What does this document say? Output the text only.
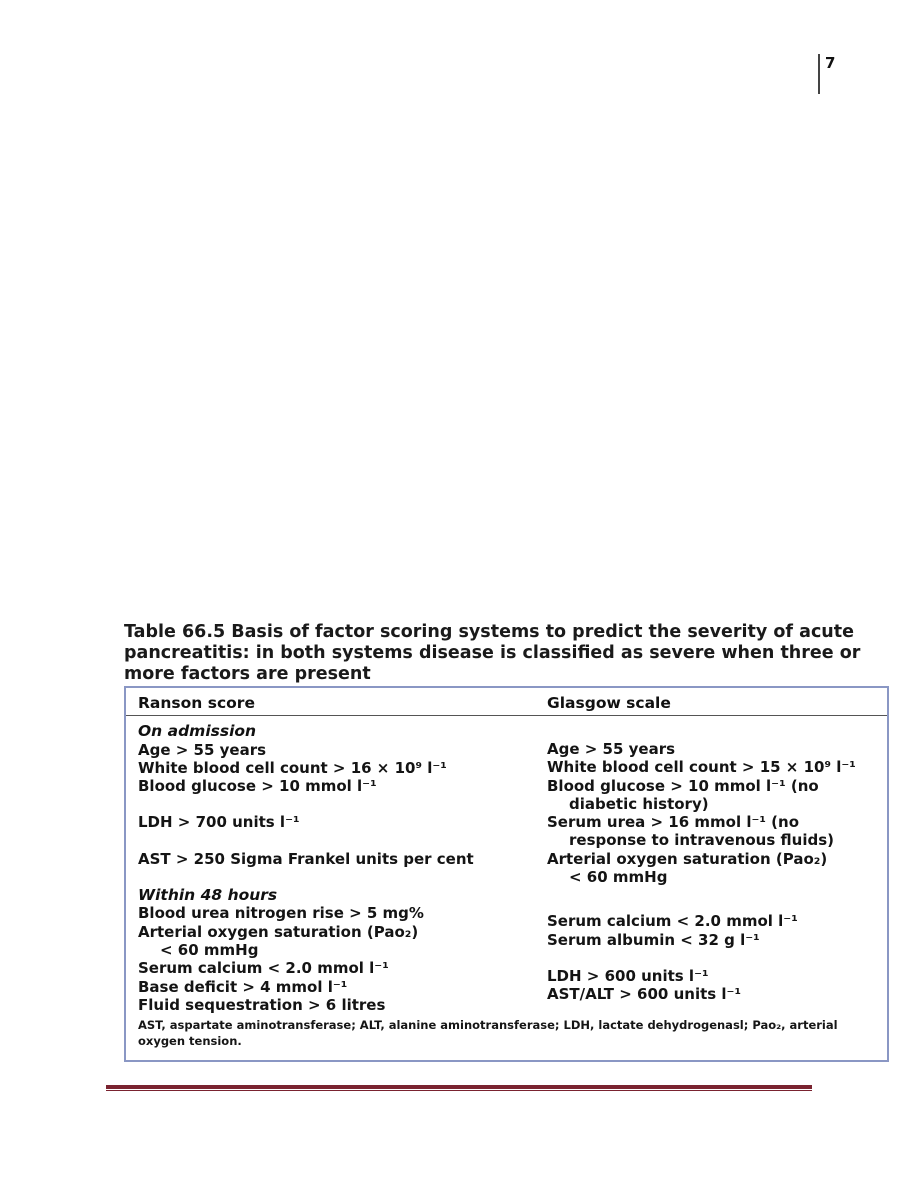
7
Table 66.5 Basis of factor scoring systems to predict the severity of acute pancreatitis: in both systems disease is classified as severe when three or more factors are present
Ranson score	Glasgow scale
On admission
Age > 55 years
White blood cell count > 16 × 10⁹ l⁻¹
Blood glucose > 10 mmol l⁻¹
LDH > 700 units l⁻¹
AST > 250 Sigma Frankel units per cent
Within 48 hours
Blood urea nitrogen rise > 5 mg%
Arterial oxygen saturation (Pao₂)
< 60 mmHg
Serum calcium < 2.0 mmol l⁻¹
Base deficit > 4 mmol l⁻¹
Fluid sequestration > 6 litres
Age > 55 years
White blood cell count > 15 × 10⁹ l⁻¹
Blood glucose > 10 mmol l⁻¹ (no
diabetic history)
Serum urea > 16 mmol l⁻¹ (no
response to intravenous fluids)
Arterial oxygen saturation (Pao₂)
< 60 mmHg
Serum calcium < 2.0 mmol l⁻¹
Serum albumin < 32 g l⁻¹
LDH > 600 units l⁻¹
AST/ALT > 600 units l⁻¹
AST, aspartate aminotransferase; ALT, alanine aminotransferase; LDH, lactate dehydrogenasl; Pao₂, arterial oxygen tension.
